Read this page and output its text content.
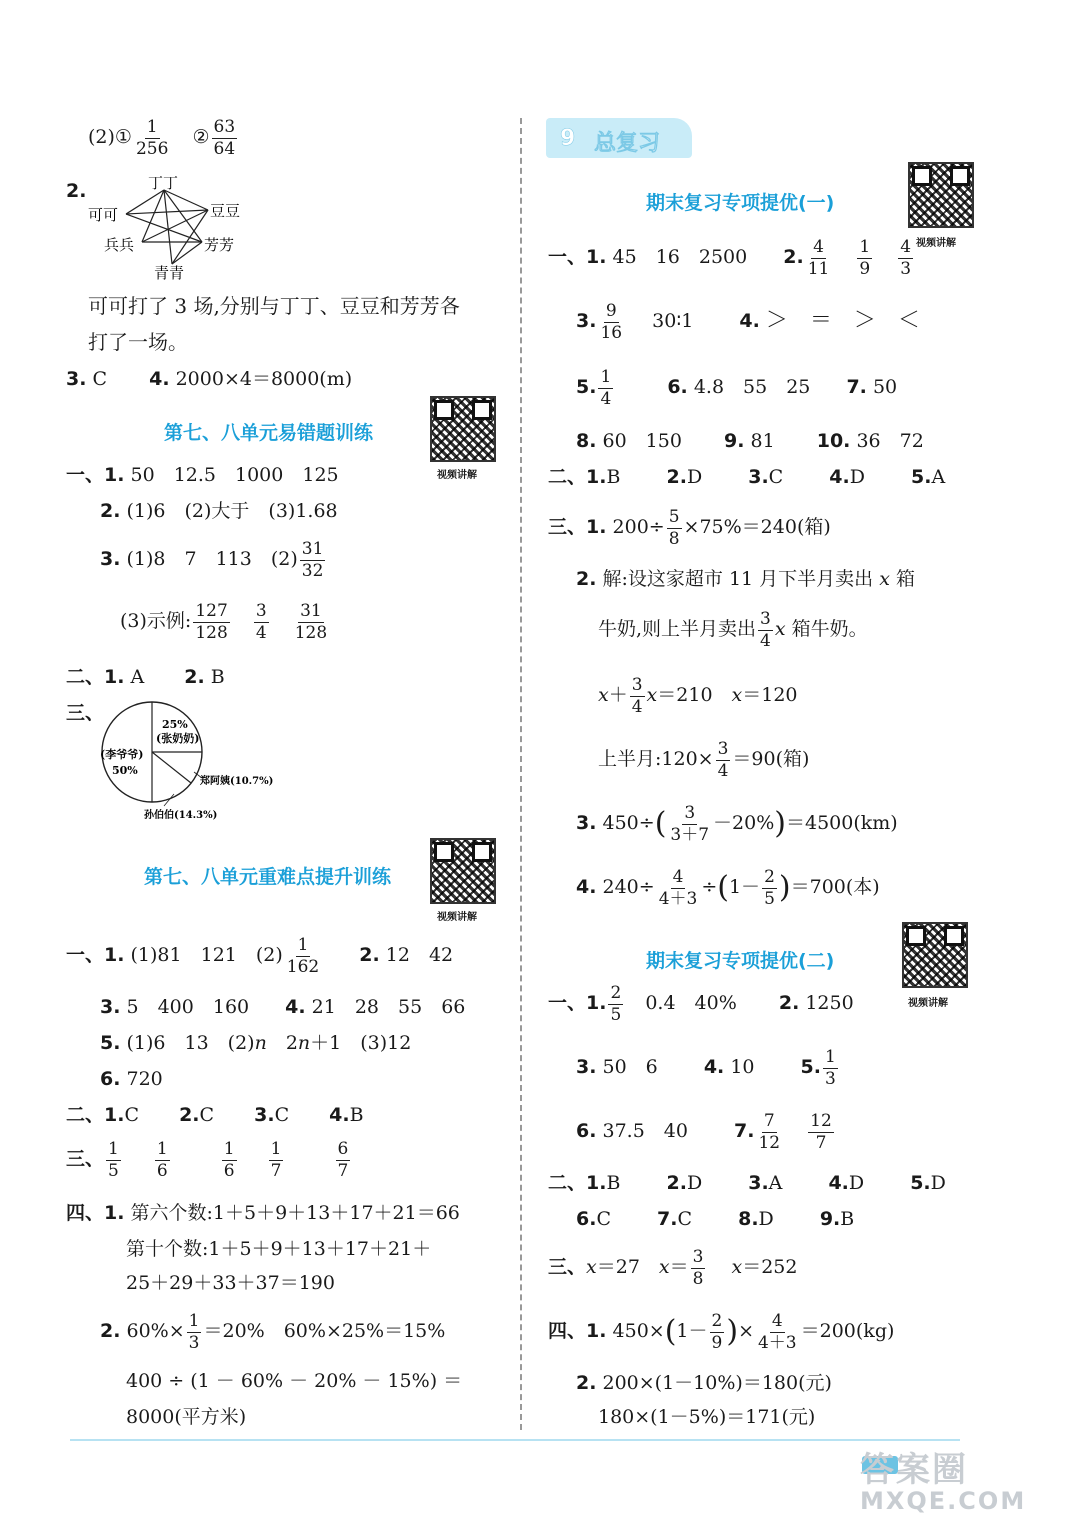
(2)① $\frac{1}{256}$ ② $\frac{63}{64}$
2.	丁丁
可可	豆豆
兵兵	芳芳
青青
可可打了 3 场,分别与丁丁、豆豆和芳芳各
打了一场。
3. C 4. 2000×4＝8000(m)
第七、八单元易错题训练
视频讲解
一、1. 50　12.5　1000　125
2. (1)6　(2)大于　(3)1.68
3. (1)8　7　113　$(2) \frac{31}{32}$
(3)示例: $\frac{127}{128}$
$\frac{3}{4}$
$\frac{31}{128}$
二、1. A 2. B
三、
25%
(张奶奶)
(李爷爷)
50%
郑阿姨(10.7%)
孙伯伯(14.3%)
第七、八单元重难点提升训练
视频讲解
一、1. (1)81　121　$(2) \frac{1}{162} 2$. 12　42
3. 5　400　160 4. 21　28　55　66
5. (1)6　13　(2)𝑛　2𝑛＋1　(3)12
6. 720
二、1.C 2.C 3.C 4.B
三、 $\frac{1}{5}$
$\frac{1}{6}$
	$\frac{1}{6}$
$\frac{1}{7}$
	$\frac{6}{7}$
四、1. 第六个数:1＋5＋9＋13＋17＋21＝66
第十个数:1＋5＋9＋13＋17＋21＋
25＋29＋33＋37＝190
2. $60\%\times \frac{1}{3} =20\%$　60%×25%＝15%
400 ÷ (1 － 60% － 20% － 15%) ＝
8000(平方米)
9 总复习
期末复习专项提优(一)
视频讲解
一、1. 45　16　2500 2. $\frac{4}{11}$
$\frac{1}{9}$
$\frac{4}{3}$
3. $\frac{9}{16}$ 30∶1 4. ＞　＝　＞　＜
5. $\frac{1}{4}$	6. 4.8　55　25 7. 50
8. 60　150 9. 81 10. 36　72
二、1.B 2.D 3.C 4.D 5.A
三、1. $200\div \frac{5}{8} \times 75\%=240$(箱)
2. 解:设这家超市 11 月下半月卖出 𝑥 箱
牛奶,则上半月卖出 $\frac{3}{4}$ 𝑥 箱牛奶。
𝑥＋ $\frac{3}{4}$ 𝑥＝210　𝑥＝120
上半月:120× $\frac{3}{4} =90$(箱)
3. $450\div( \frac{3}{3+7} -20\%)=4500(km)$
4. $240\div \frac{4}{4+3} \div(1- \frac{2}{5} )=700$(本)
期末复习专项提优(二)
视频讲解
一、1. $\frac{2}{5} 0.4$　40% 2. 1250
3. 50　6 4. 10 5. $\frac{1}{3}$
6. 37.5　40 7. $\frac{7}{12}$
$\frac{12}{7}$
二、1.B 2.D 3.A 4.D 5.D
6.C 7.C 8.D 9.B
三、𝑥＝27　𝑥＝ $\frac{3}{8}$ 𝑥＝252
四、1. $450\times(1- \frac{2}{9}$ )× $\frac{4}{4+3} =200(kg)$
2. 200×(1－10%)＝180(元)
180×(1－5%)＝171(元)
答案圈
MXQE.COM
